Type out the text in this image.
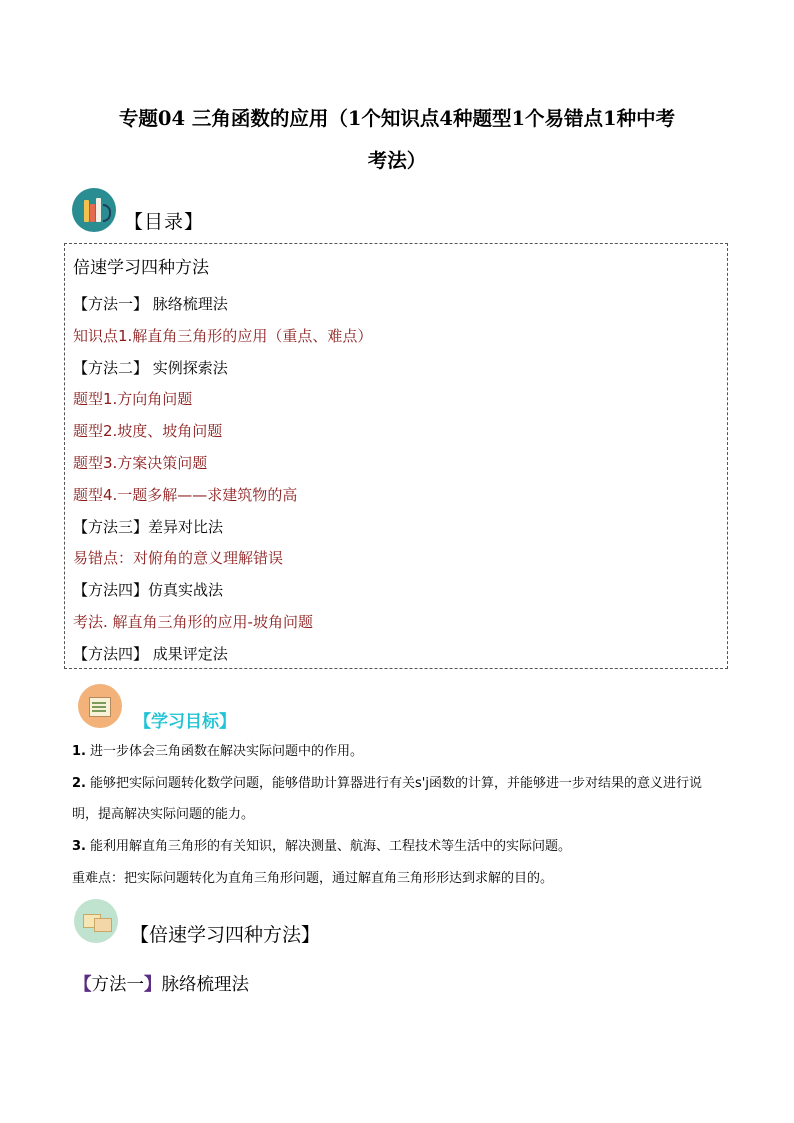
专题04 三角函数的应用（1个知识点4种题型1个易错点1种中考
考法）
【目录】
倍速学习四种方法
【方法一】 脉络梳理法
知识点1.解直角三角形的应用（重点、难点）
【方法二】 实例探索法
题型1.方向角问题
题型2.坡度、坡角问题
题型3.方案决策问题
题型4.一题多解——求建筑物的高
【方法三】差异对比法
易错点：对俯角的意义理解错误
【方法四】仿真实战法
考法. 解直角三角形的应用-坡角问题
【方法四】 成果评定法
【学习目标】
1. 进一步体会三角函数在解决实际问题中的作用。
2. 能够把实际问题转化数学问题，能够借助计算器进行有关s'j函数的计算，并能够进一步对结果的意义进行说明，提高解决实际问题的能力。
3. 能利用解直角三角形的有关知识，解决测量、航海、工程技术等生活中的实际问题。
重难点：把实际问题转化为直角三角形问题，通过解直角三角形形达到求解的目的。
【倍速学习四种方法】
【方法一】脉络梳理法
